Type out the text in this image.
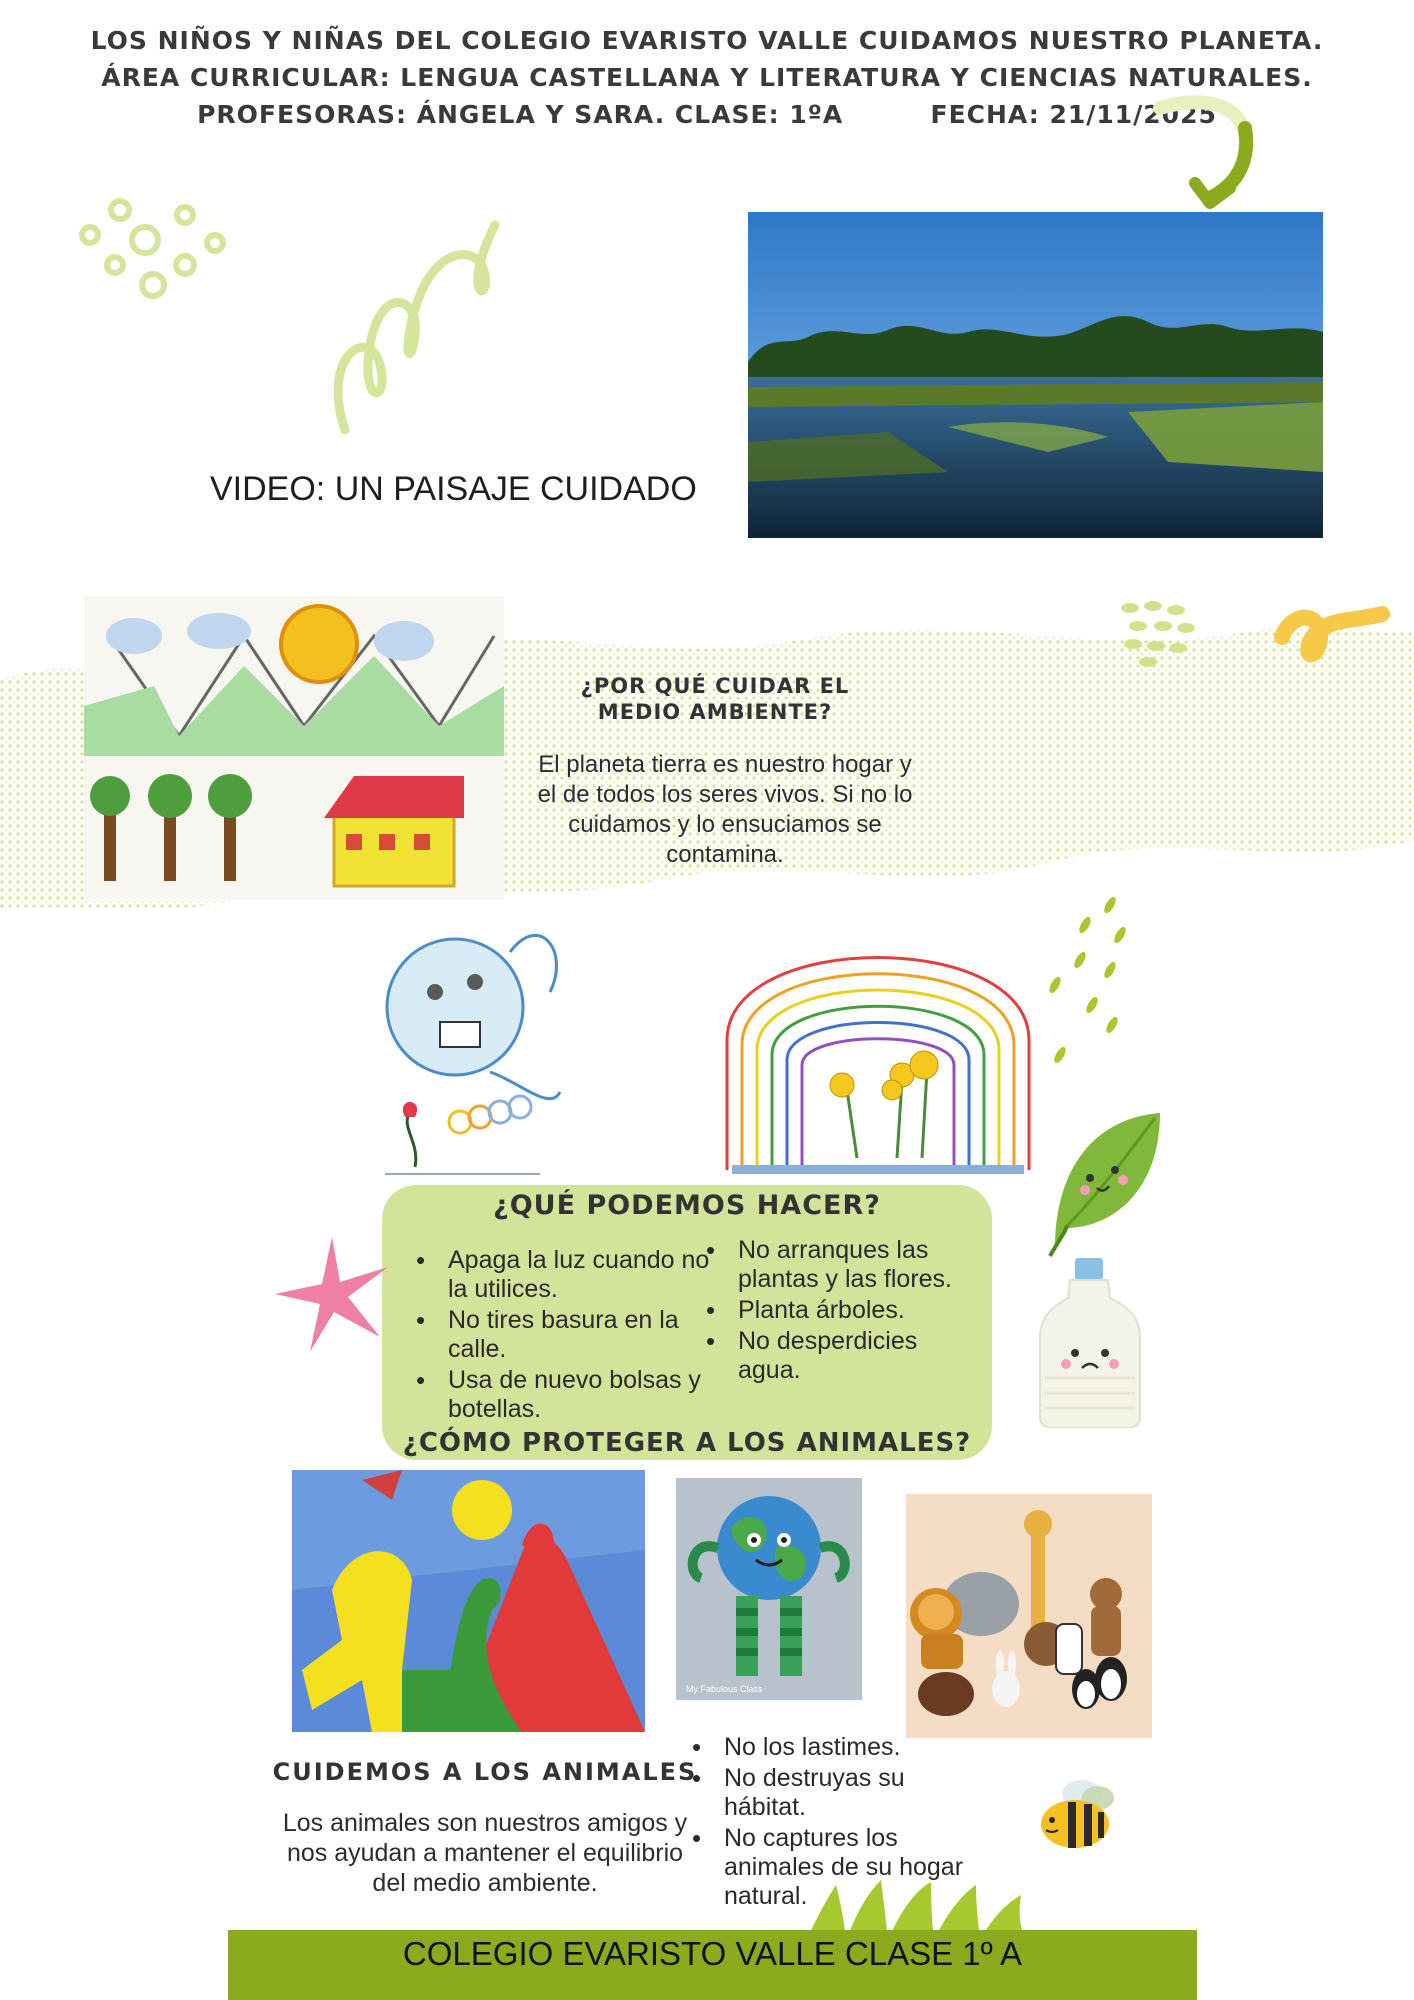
LOS NIÑOS Y NIÑAS DEL COLEGIO EVARISTO VALLE CUIDAMOS NUESTRO PLANETA.
ÁREA CURRICULAR: LENGUA CASTELLANA Y LITERATURA Y CIENCIAS NATURALES.
PROFESORAS: ÁNGELA Y SARA. CLASE: 1ºA         FECHA: 21/11/2025
VIDEO: UN PAISAJE CUIDADO
¿POR QUÉ CUIDAR EL MEDIO AMBIENTE?
El planeta tierra es nuestro hogar y el de todos los seres vivos. Si no lo cuidamos y lo ensuciamos se contamina.
¿QUÉ PODEMOS HACER?
• Apaga la luz cuando no la utilices.
• No tires basura en la calle.
• Usa de nuevo bolsas y botellas.
• No arranques las plantas y las flores.
• Planta árboles.
• No desperdicies agua.
¿CÓMO PROTEGER A LOS ANIMALES?
My Fabulous Class
CUIDEMOS A LOS ANIMALES
Los animales son nuestros amigos y nos ayudan a mantener el equilibrio del medio ambiente.
• No los lastimes.
• No destruyas su hábitat.
• No captures los animales de su hogar natural.
COLEGIO EVARISTO VALLE CLASE 1º A
